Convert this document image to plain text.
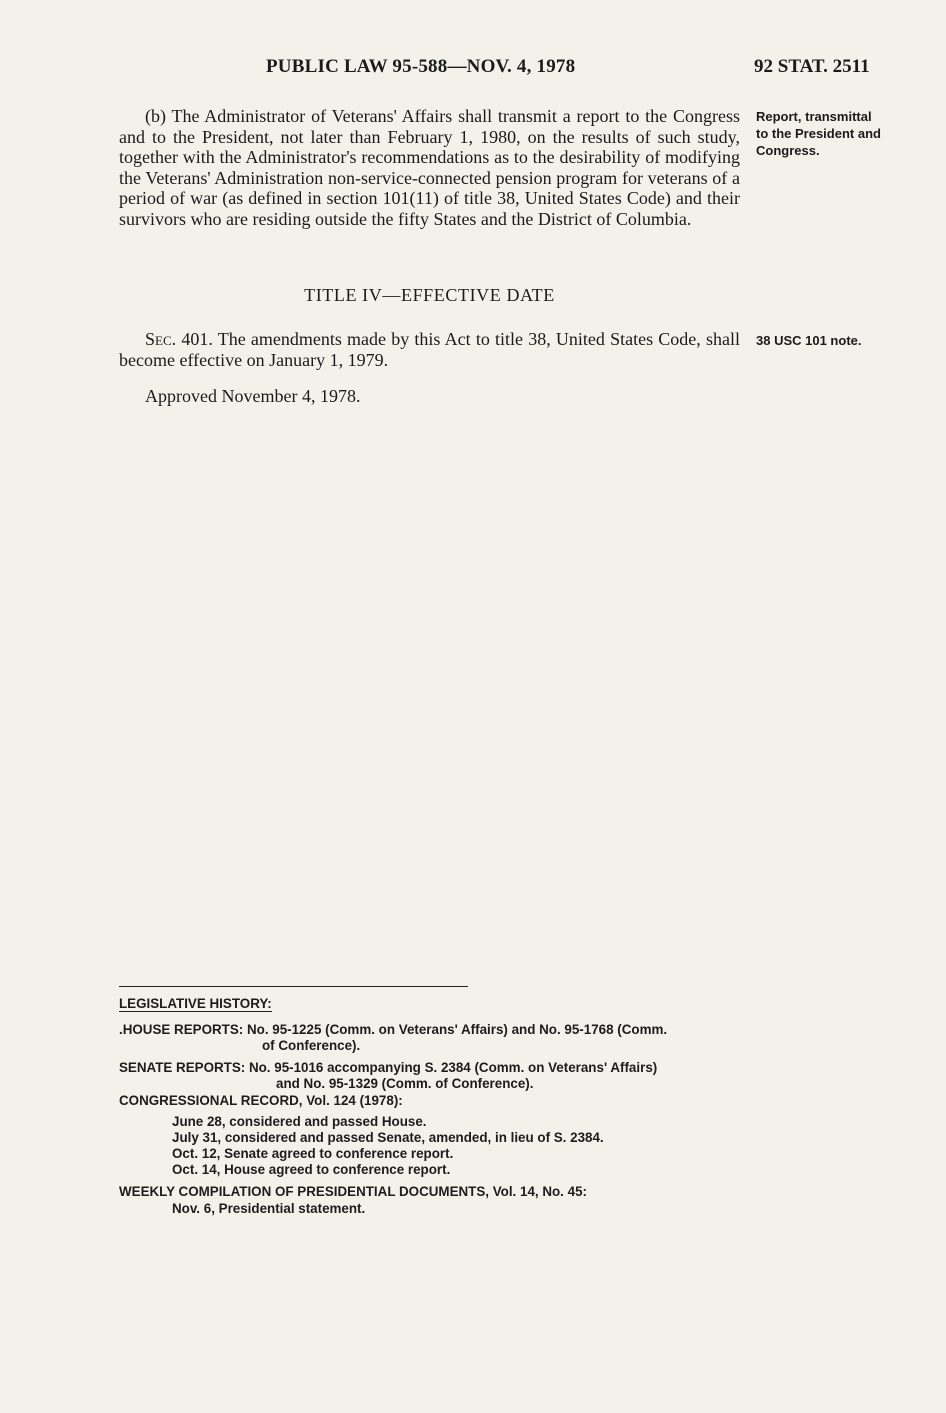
PUBLIC LAW 95-588—NOV. 4, 1978	92 STAT. 2511
(b) The Administrator of Veterans' Affairs shall transmit a report to the Congress and to the President, not later than February 1, 1980, on the results of such study, together with the Administrator's recommendations as to the desirability of modifying the Veterans' Administration non-service-connected pension program for veterans of a period of war (as defined in section 101(11) of title 38, United States Code) and their survivors who are residing outside the fifty States and the District of Columbia.
Report, transmittal to the President and Congress.
TITLE IV—EFFECTIVE DATE
Sec. 401. The amendments made by this Act to title 38, United States Code, shall become effective on January 1, 1979.
38 USC 101 note.
Approved November 4, 1978.
LEGISLATIVE HISTORY:
.HOUSE REPORTS: No. 95-1225 (Comm. on Veterans' Affairs) and No. 95-1768 (Comm.
of Conference).
SENATE REPORTS: No. 95-1016 accompanying S. 2384 (Comm. on Veterans' Affairs)
and No. 95-1329 (Comm. of Conference).
CONGRESSIONAL RECORD, Vol. 124 (1978):
June 28, considered and passed House.
July 31, considered and passed Senate, amended, in lieu of S. 2384.
Oct. 12, Senate agreed to conference report.
Oct. 14, House agreed to conference report.
WEEKLY COMPILATION OF PRESIDENTIAL DOCUMENTS, Vol. 14, No. 45:
Nov. 6, Presidential statement.
